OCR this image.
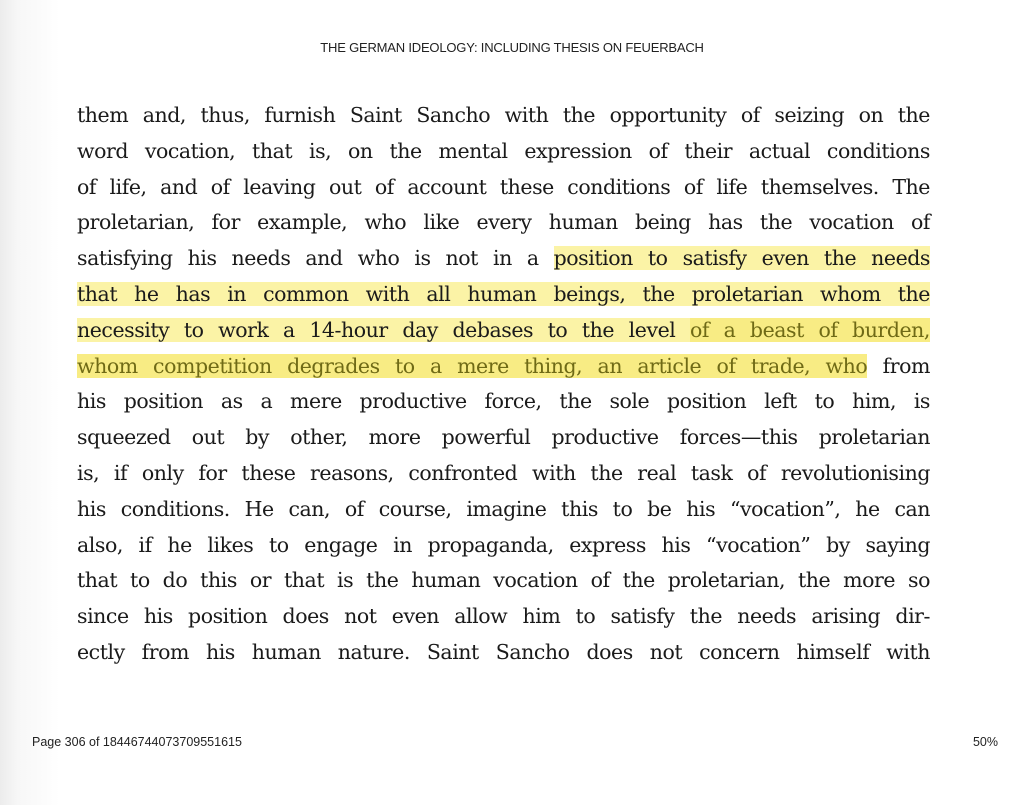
THE GERMAN IDEOLOGY: INCLUDING THESIS ON FEUERBACH
them and, thus, furnish Saint Sancho with the opportunity of seizing on the
word vocation, that is, on the mental expression of their actual conditions
of life, and of leaving out of account these conditions of life themselves. The
proletarian, for example, who like every human being has the vocation of
satisfying his needs and who is not in a position to satisfy even the needs
that he has in common with all human beings, the proletarian whom the
necessity to work a 14-hour day debases to the level of a beast of burden,
whom competition degrades to a mere thing, an article of trade, who from
his position as a mere productive force, the sole position left to him, is
squeezed out by other, more powerful productive forces—this proletarian
is, if only for these reasons, confronted with the real task of revolutionising
his conditions. He can, of course, imagine this to be his “vocation”, he can
also, if he likes to engage in propaganda, express his “vocation” by saying
that to do this or that is the human vocation of the proletarian, the more so
since his position does not even allow him to satisfy the needs arising dir-
ectly from his human nature. Saint Sancho does not concern himself with
Page 306 of 18446744073709551615	50%
